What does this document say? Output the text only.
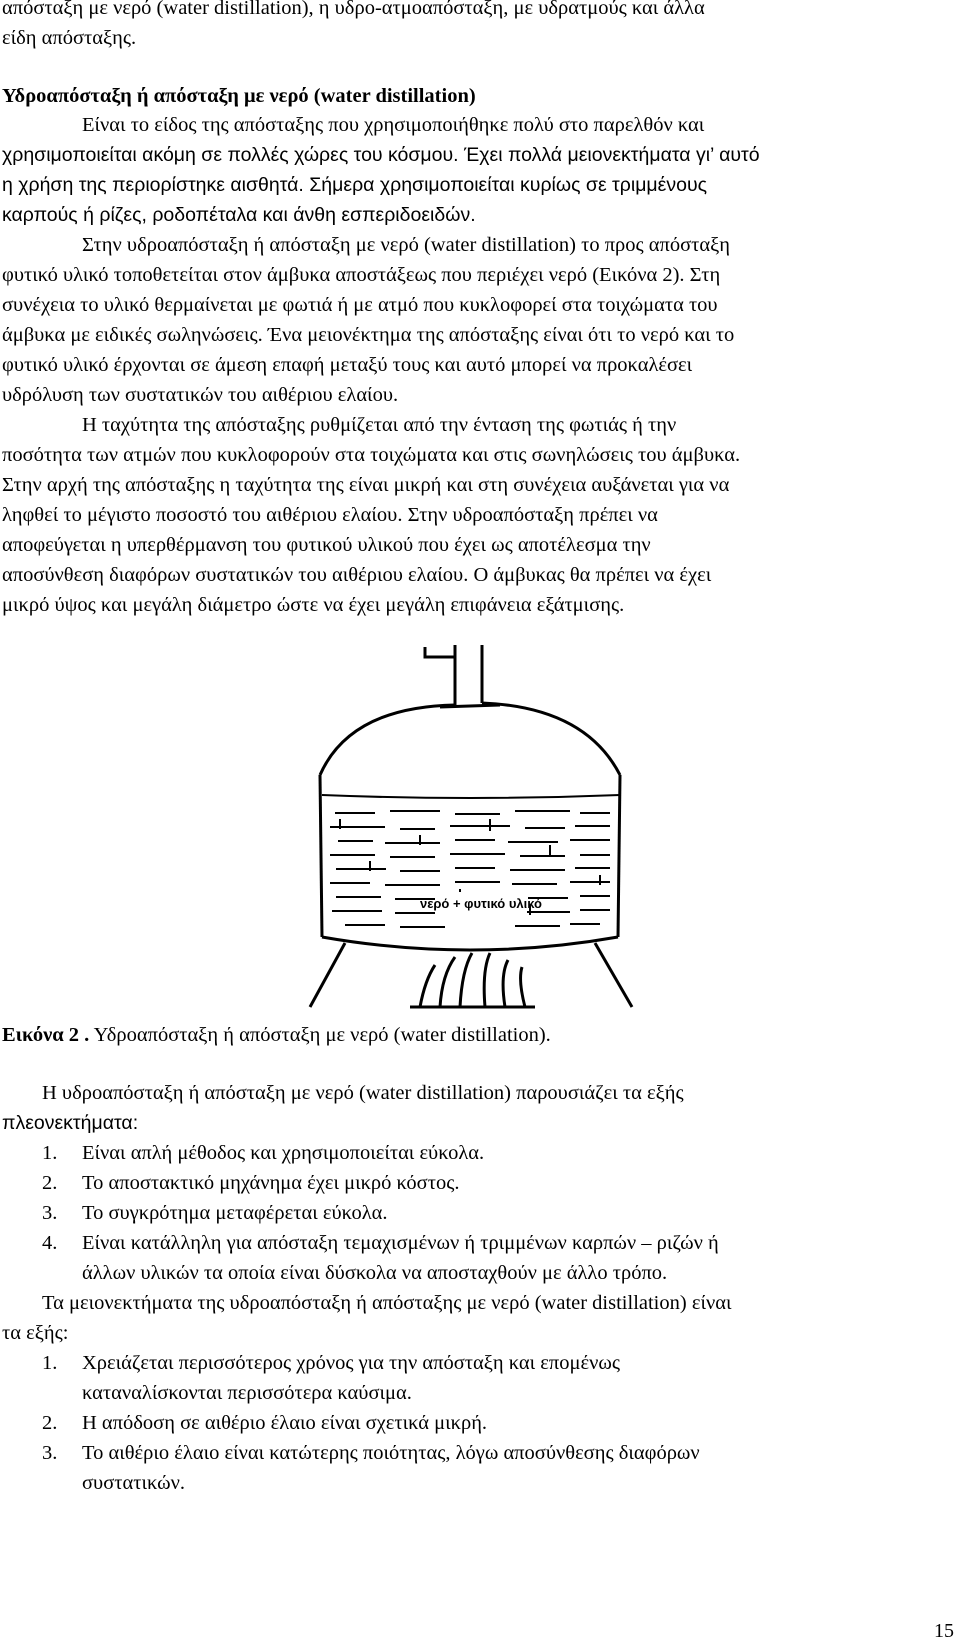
απόσταξη με νερό (water distillation), η υδρο-ατμοαπόσταξη, με υδρατμούς και άλλα
είδη απόσταξης.
Υδροαπόσταξη ή απόσταξη με νερό (water distillation)
Είναι το είδος της απόσταξης που χρησιμοποιήθηκε πολύ στο παρελθόν και
χρησιμοποιείται ακόμη σε πολλές χώρες του κόσμου. Έχει πολλά μειονεκτήματα γι’ αυτό
η χρήση της περιορίστηκε αισθητά. Σήμερα χρησιμοποιείται κυρίως σε τριμμένους
καρπούς ή ρίζες, ροδοπέταλα και άνθη εσπεριδοειδών.
Στην υδροαπόσταξη ή απόσταξη με νερό (water distillation) το προς απόσταξη
φυτικό υλικό τοποθετείται στον άμβυκα αποστάξεως που περιέχει νερό (Εικόνα 2). Στη
συνέχεια το υλικό θερμαίνεται με φωτιά ή με ατμό που κυκλοφορεί στα τοιχώματα του
άμβυκα με ειδικές σωληνώσεις. Ένα μειονέκτημα της απόσταξης είναι ότι το νερό και το
φυτικό υλικό έρχονται σε άμεση επαφή μεταξύ τους και αυτό μπορεί να προκαλέσει
υδρόλυση των συστατικών του αιθέριου ελαίου.
Η ταχύτητα της απόσταξης ρυθμίζεται από την ένταση της φωτιάς ή την
ποσότητα των ατμών που κυκλοφορούν στα τοιχώματα και στις σωνηλώσεις του άμβυκα.
Στην αρχή της απόσταξης η ταχύτητα της είναι μικρή και στη συνέχεια αυξάνεται για να
ληφθεί το μέγιστο ποσοστό του αιθέριου ελαίου. Στην υδροαπόσταξη πρέπει να
αποφεύγεται η υπερθέρμανση του φυτικού υλικού που έχει ως αποτέλεσμα την
αποσύνθεση διαφόρων συστατικών του αιθέριου ελαίου. Ο άμβυκας θα πρέπει να έχει
μικρό ύψος και μεγάλη διάμετρο ώστε να έχει μεγάλη επιφάνεια εξάτμισης.
νερό + φυτικό υλικό
Εικόνα 2 . Υδροαπόσταξη ή απόσταξη με νερό (water distillation).
Η υδροαπόσταξη ή απόσταξη με νερό (water distillation) παρουσιάζει τα εξής
πλεονεκτήματα:
1. Είναι απλή μέθοδος και χρησιμοποιείται εύκολα.
2. Το αποστακτικό μηχάνημα έχει μικρό κόστος.
3. Το συγκρότημα μεταφέρεται εύκολα.
4. Είναι κατάλληλη για απόσταξη τεμαχισμένων ή τριμμένων καρπών – ριζών ή
άλλων υλικών τα οποία είναι δύσκολα να αποσταχθούν με άλλο τρόπο.
Τα μειονεκτήματα της υδροαπόσταξη ή απόσταξης με νερό (water distillation) είναι
τα εξής:
1. Χρειάζεται περισσότερος χρόνος για την απόσταξη και επομένως
καταναλίσκονται περισσότερα καύσιμα.
2. Η απόδοση σε αιθέριο έλαιο είναι σχετικά μικρή.
3. Το αιθέριο έλαιο είναι κατώτερης ποιότητας, λόγω αποσύνθεσης διαφόρων
συστατικών.
15
